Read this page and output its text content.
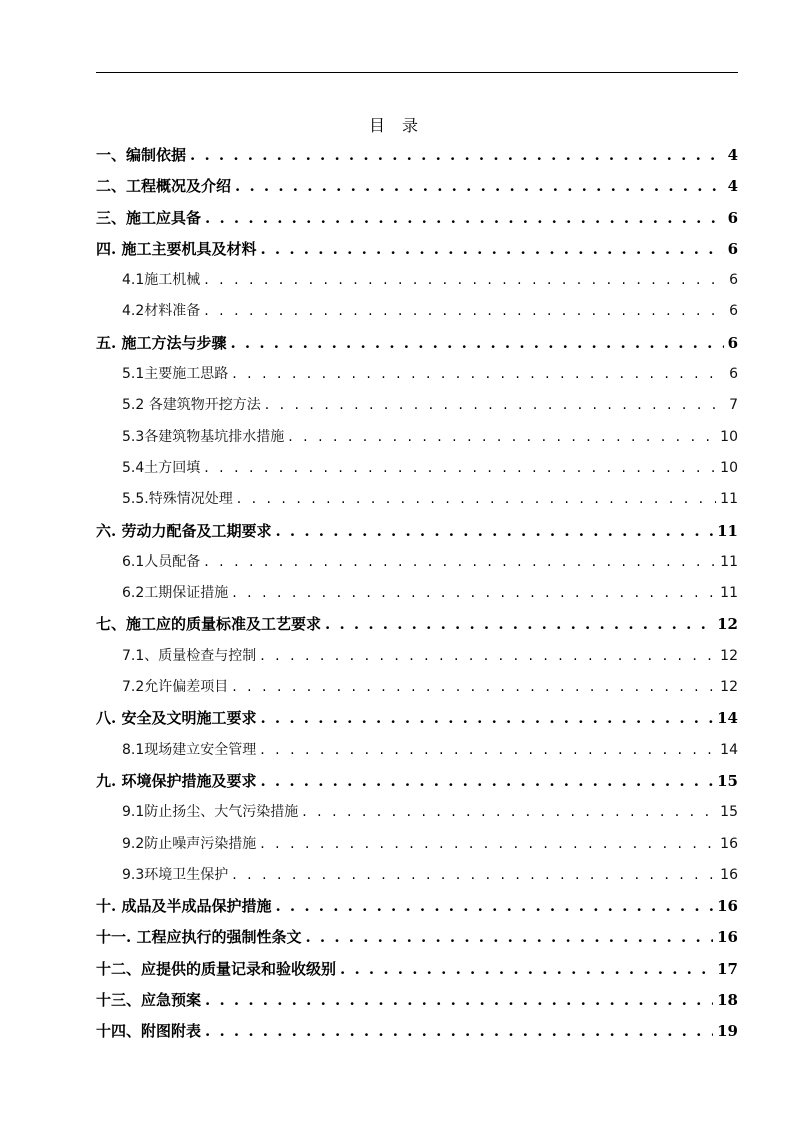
目 录
一、编制依据 . . .	4
二、工程概况及介绍 . . .	4
三、施工应具备 . . .	6
四. 施工主要机具及材料 . . .	6
4.1施工机械 . . .	6
4.2材料准备 . . .	6
五. 施工方法与步骤 . . .	6
5.1主要施工思路 . . .	6
5.2 各建筑物开挖方法 . . .	7
5.3各建筑物基坑排水措施 . . .	10
5.4土方回填 . . .	10
5.5.特殊情况处理 . . .	11
六. 劳动力配备及工期要求 . . .	11
6.1人员配备 . . .	11
6.2工期保证措施 . . .	11
七、施工应的质量标准及工艺要求 . . .	12
7.1、质量检查与控制 . . .	12
7.2允许偏差项目 . . .	12
八. 安全及文明施工要求 . . .	14
8.1现场建立安全管理 . . .	14
九. 环境保护措施及要求 . . .	15
9.1防止扬尘、大气污染措施 . . .	15
9.2防止噪声污染措施 . . .	16
9.3环境卫生保护 . . .	16
十. 成品及半成品保护措施 . . .	16
十一. 工程应执行的强制性条文 . . .	16
十二、应提供的质量记录和验收级别 . . .	17
十三、应急预案 . . .	18
十四、附图附表 . . .	19
